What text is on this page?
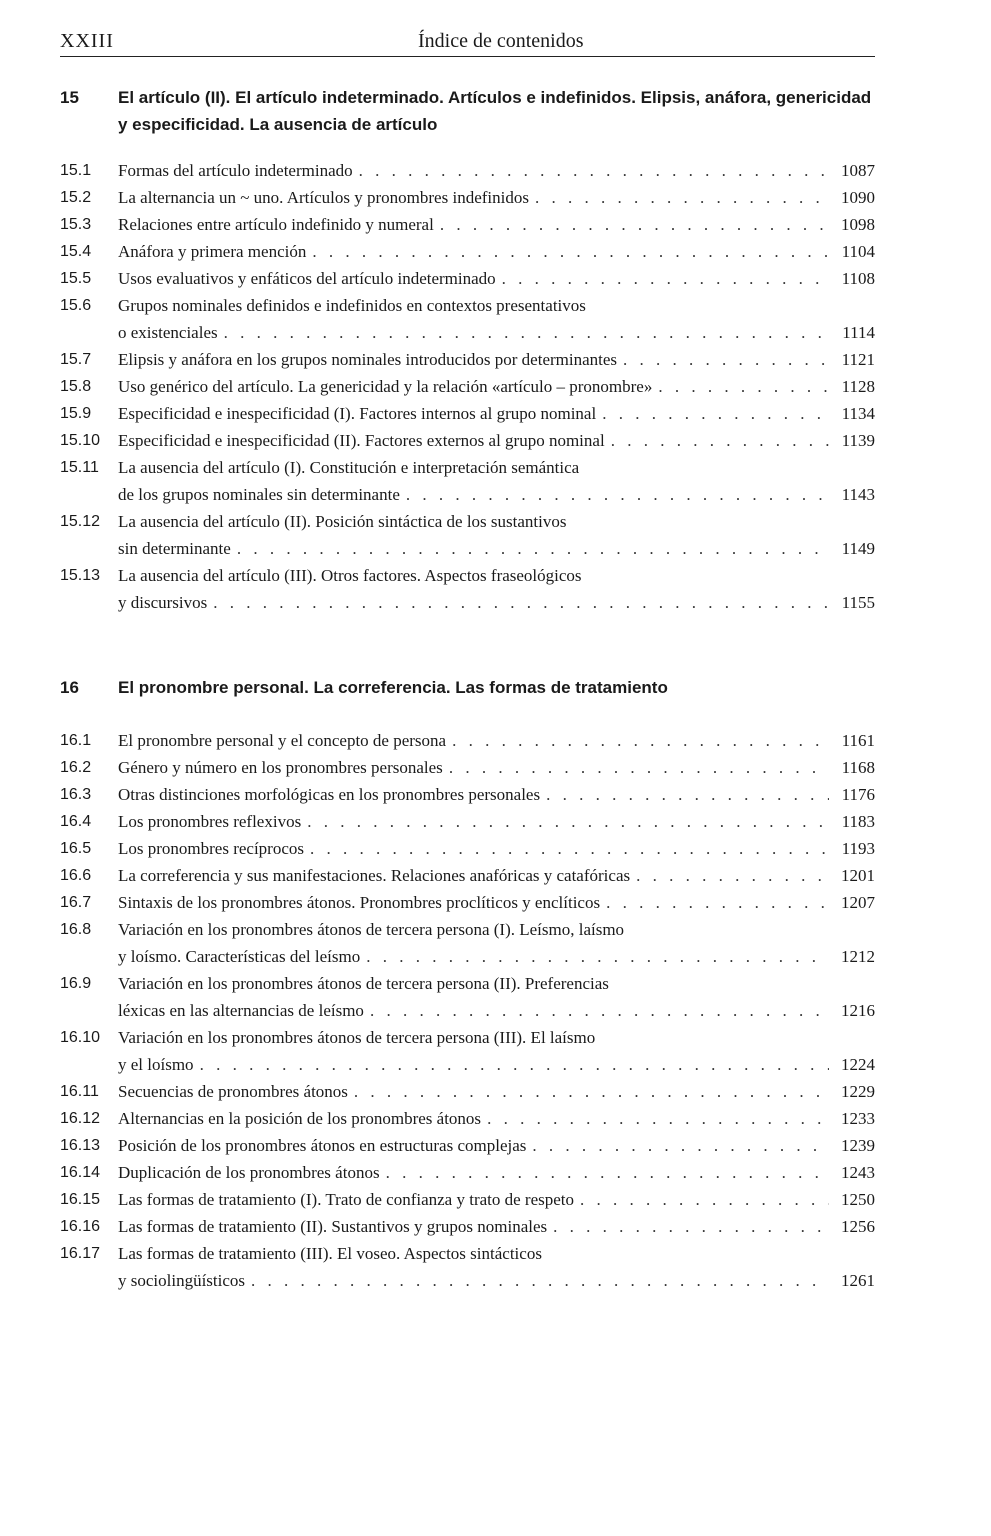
XXIII	Índice de contenidos
15 El artículo (II). El artículo indeterminado. Artículos e indefinidos. Elipsis, anáfora, genericidad y especificidad. La ausencia de artículo
15.1 Formas del artículo indeterminado . . .	1087
15.2 La alternancia un ~ uno. Artículos y pronombres indefinidos . . .	1090
15.3 Relaciones entre artículo indefinido y numeral . . .	1098
15.4 Anáfora y primera mención . . .	1104
15.5 Usos evaluativos y enfáticos del artículo indeterminado . . .	1108
15.6 Grupos nominales definidos e indefinidos en contextos presentativos
o existenciales . . .	1114
15.7 Elipsis y anáfora en los grupos nominales introducidos por determinantes . . .	1121
15.8 Uso genérico del artículo. La genericidad y la relación «artículo – pronombre» . . .	1128
15.9 Especificidad e inespecificidad (I). Factores internos al grupo nominal . . .	1134
15.10 Especificidad e inespecificidad (II). Factores externos al grupo nominal . . .	1139
15.11 La ausencia del artículo (I). Constitución e interpretación semántica
de los grupos nominales sin determinante . . .	1143
15.12 La ausencia del artículo (II). Posición sintáctica de los sustantivos
sin determinante . . .	1149
15.13 La ausencia del artículo (III). Otros factores. Aspectos fraseológicos
y discursivos . . .	1155
16 El pronombre personal. La correferencia. Las formas de tratamiento
16.1 El pronombre personal y el concepto de persona . . .	1161
16.2 Género y número en los pronombres personales . . .	1168
16.3 Otras distinciones morfológicas en los pronombres personales . . .	1176
16.4 Los pronombres reflexivos . . .	1183
16.5 Los pronombres recíprocos . . .	1193
16.6 La correferencia y sus manifestaciones. Relaciones anafóricas y catafóricas . . .	1201
16.7 Sintaxis de los pronombres átonos. Pronombres proclíticos y enclíticos . . .	1207
16.8 Variación en los pronombres átonos de tercera persona (I). Leísmo, laísmo
y loísmo. Características del leísmo . . .	1212
16.9 Variación en los pronombres átonos de tercera persona (II). Preferencias
léxicas en las alternancias de leísmo . . .	1216
16.10 Variación en los pronombres átonos de tercera persona (III). El laísmo
y el loísmo . . .	1224
16.11 Secuencias de pronombres átonos . . .	1229
16.12 Alternancias en la posición de los pronombres átonos . . .	1233
16.13 Posición de los pronombres átonos en estructuras complejas . . .	1239
16.14 Duplicación de los pronombres átonos . . .	1243
16.15 Las formas de tratamiento (I). Trato de confianza y trato de respeto . . .	1250
16.16 Las formas de tratamiento (II). Sustantivos y grupos nominales . . .	1256
16.17 Las formas de tratamiento (III). El voseo. Aspectos sintácticos
y sociolingüísticos . . .	1261
